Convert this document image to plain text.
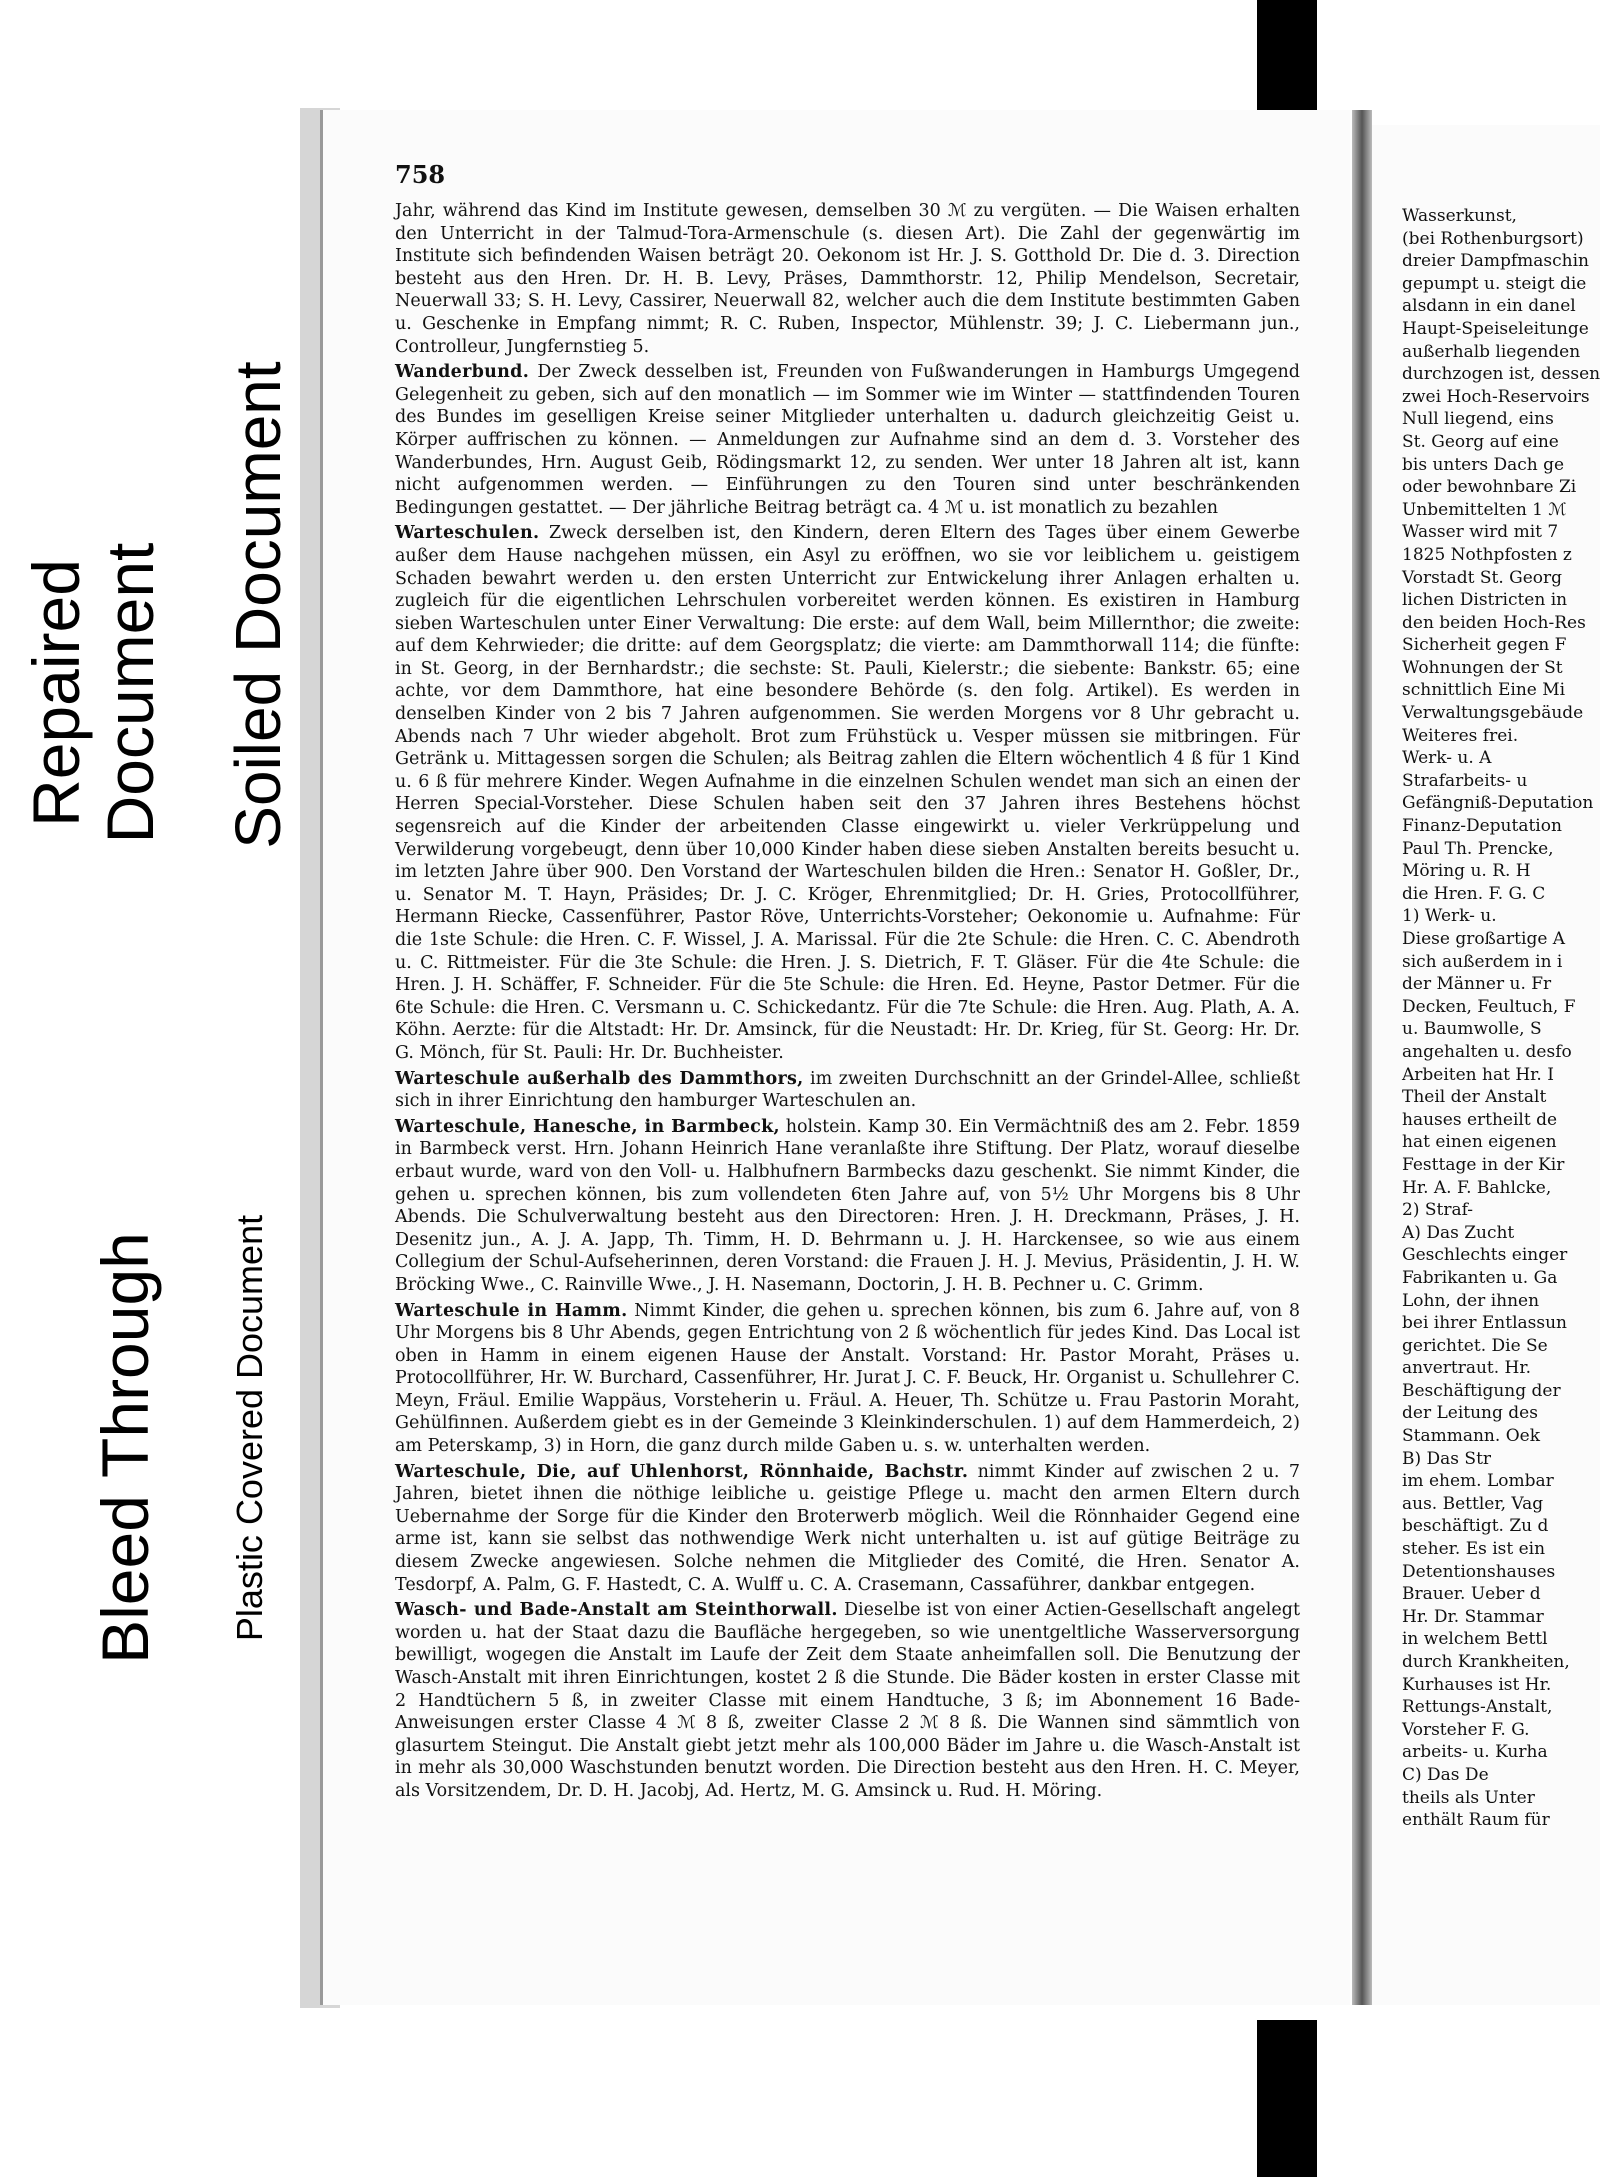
Repaired Document Soiled Document
Bleed Through Plastic Covered Document
Wasserkunst,
(bei Rothenburgsort)
dreier Dampfmaschin
gepumpt u. steigt die
alsdann in ein danel
Haupt-Speiseleitunge
außerhalb liegenden
durchzogen ist, dessen
zwei Hoch-Reservoirs
Null liegend, eins
St. Georg auf eine
bis unters Dach ge
oder bewohnbare Zi
Unbemittelten 1 ℳ
Wasser wird mit 7
1825 Nothpfosten z
Vorstadt St. Georg
lichen Districten in
den beiden Hoch-Res
Sicherheit gegen F
Wohnungen der St
schnittlich Eine Mi
Verwaltungsgebäude
Weiteres frei.
Werk- u. A
Strafarbeits- u
Gefängniß-Deputation
Finanz-Deputation
Paul Th. Prencke,
Möring u. R. H
die Hren. F. G. C
1) Werk- u.
Diese großartige A
sich außerdem in i
der Männer u. Fr
Decken, Feultuch, F
u. Baumwolle, S
angehalten u. desfo
Arbeiten hat Hr. I
Theil der Anstalt
hauses ertheilt de
hat einen eigenen
Festtage in der Kir
Hr. A. F. Bahlcke,
2) Straf-
A) Das Zucht
Geschlechts einger
Fabrikanten u. Ga
Lohn, der ihnen
bei ihrer Entlassun
gerichtet. Die Se
anvertraut. Hr.
Beschäftigung der
der Leitung des
Stammann. Oek
B) Das Str
im ehem. Lombar
aus. Bettler, Vag
beschäftigt. Zu d
steher. Es ist ein
Detentionshauses
Brauer. Ueber d
Hr. Dr. Stammar
in welchem Bettl
durch Krankheiten,
Kurhauses ist Hr.
Rettungs-Anstalt,
Vorsteher F. G.
arbeits- u. Kurha
C) Das De
theils als Unter
enthält Raum für
758

Jahr, während das Kind im Institute gewesen, demselben 30 ℳ zu vergüten. — Die Waisen erhalten den Unterricht in der Talmud-Tora-Armenschule (s. diesen Art). Die Zahl der gegenwärtig im Institute sich befindenden Waisen beträgt 20. Oekonom ist Hr. J. S. Gotthold Dr. Die d. 3. Direction besteht aus den Hren. Dr. H. B. Levy, Präses, Dammthorstr. 12, Philip Mendelson, Secretair, Neuerwall 33; S. H. Levy, Cassirer, Neuerwall 82, welcher auch die dem Institute bestimmten Gaben u. Geschenke in Empfang nimmt; R. C. Ruben, Inspector, Mühlenstr. 39; J. C. Liebermann jun., Controlleur, Jungfernstieg 5.

Wanderbund. Der Zweck desselben ist, Freunden von Fußwanderungen in Hamburgs Umgegend Gelegenheit zu geben, sich auf den monatlich — im Sommer wie im Winter — stattfindenden Touren des Bundes im geselligen Kreise seiner Mitglieder unterhalten u. dadurch gleichzeitig Geist u. Körper auffrischen zu können. — Anmeldungen zur Aufnahme sind an dem d. 3. Vorsteher des Wanderbundes, Hrn. August Geib, Rödingsmarkt 12, zu senden. Wer unter 18 Jahren alt ist, kann nicht aufgenommen werden. — Einführungen zu den Touren sind unter beschränkenden Bedingungen gestattet. — Der jährliche Beitrag beträgt ca. 4 ℳ u. ist monatlich zu bezahlen

Warteschulen. Zweck derselben ist, den Kindern, deren Eltern des Tages über einem Gewerbe außer dem Hause nachgehen müssen, ein Asyl zu eröffnen, wo sie vor leiblichem u. geistigem Schaden bewahrt werden u. den ersten Unterricht zur Entwickelung ihrer Anlagen erhalten u. zugleich für die eigentlichen Lehrschulen vorbereitet werden können. Es existiren in Hamburg sieben Warteschulen unter Einer Verwaltung: Die erste: auf dem Wall, beim Millernthor; die zweite: auf dem Kehrwieder; die dritte: auf dem Georgsplatz; die vierte: am Dammthorwall 114; die fünfte: in St. Georg, in der Bernhardstr.; die sechste: St. Pauli, Kielerstr.; die siebente: Bankstr. 65; eine achte, vor dem Dammthore, hat eine besondere Behörde (s. den folg. Artikel). Es werden in denselben Kinder von 2 bis 7 Jahren aufgenommen. Sie werden Morgens vor 8 Uhr gebracht u. Abends nach 7 Uhr wieder abgeholt. Brot zum Frühstück u. Vesper müssen sie mitbringen. Für Getränk u. Mittagessen sorgen die Schulen; als Beitrag zahlen die Eltern wöchentlich 4 ß für 1 Kind u. 6 ß für mehrere Kinder. Wegen Aufnahme in die einzelnen Schulen wendet man sich an einen der Herren Special-Vorsteher. Diese Schulen haben seit den 37 Jahren ihres Bestehens höchst segensreich auf die Kinder der arbeitenden Classe eingewirkt u. vieler Verkrüppelung und Verwilderung vorgebeugt, denn über 10,000 Kinder haben diese sieben Anstalten bereits besucht u. im letzten Jahre über 900. Den Vorstand der Warteschulen bilden die Hren.: Senator H. Goßler, Dr., u. Senator M. T. Hayn, Präsides; Dr. J. C. Kröger, Ehrenmitglied; Dr. H. Gries, Protocollführer, Hermann Riecke, Cassenführer, Pastor Röve, Unterrichts-Vorsteher; Oekonomie u. Aufnahme: Für die 1ste Schule: die Hren. C. F. Wissel, J. A. Marissal. Für die 2te Schule: die Hren. C. C. Abendroth u. C. Rittmeister. Für die 3te Schule: die Hren. J. S. Dietrich, F. T. Gläser. Für die 4te Schule: die Hren. J. H. Schäffer, F. Schneider. Für die 5te Schule: die Hren. Ed. Heyne, Pastor Detmer. Für die 6te Schule: die Hren. C. Versmann u. C. Schickedantz. Für die 7te Schule: die Hren. Aug. Plath, A. A. Köhn. Aerzte: für die Altstadt: Hr. Dr. Amsinck, für die Neustadt: Hr. Dr. Krieg, für St. Georg: Hr. Dr. G. Mönch, für St. Pauli: Hr. Dr. Buchheister.

Warteschule außerhalb des Dammthors, im zweiten Durchschnitt an der Grindel-Allee, schließt sich in ihrer Einrichtung den hamburger Warteschulen an.

Warteschule, Hanesche, in Barmbeck, holstein. Kamp 30. Ein Vermächtniß des am 2. Febr. 1859 in Barmbeck verst. Hrn. Johann Heinrich Hane veranlaßte ihre Stiftung. Der Platz, worauf dieselbe erbaut wurde, ward von den Voll- u. Halbhufnern Barmbecks dazu geschenkt. Sie nimmt Kinder, die gehen u. sprechen können, bis zum vollendeten 6ten Jahre auf, von 5½ Uhr Morgens bis 8 Uhr Abends. Die Schulverwaltung besteht aus den Directoren: Hren. J. H. Dreckmann, Präses, J. H. Desenitz jun., A. J. A. Japp, Th. Timm, H. D. Behrmann u. J. H. Harckensee, so wie aus einem Collegium der Schul-Aufseherinnen, deren Vorstand: die Frauen J. H. J. Mevius, Präsidentin, J. H. W. Bröcking Wwe., C. Rainville Wwe., J. H. Nasemann, Doctorin, J. H. B. Pechner u. C. Grimm.

Warteschule in Hamm. Nimmt Kinder, die gehen u. sprechen können, bis zum 6. Jahre auf, von 8 Uhr Morgens bis 8 Uhr Abends, gegen Entrichtung von 2 ß wöchentlich für jedes Kind. Das Local ist oben in Hamm in einem eigenen Hause der Anstalt. Vorstand: Hr. Pastor Moraht, Präses u. Protocollführer, Hr. W. Burchard, Cassenführer, Hr. Jurat J. C. F. Beuck, Hr. Organist u. Schullehrer C. Meyn, Fräul. Emilie Wappäus, Vorsteherin u. Fräul. A. Heuer, Th. Schütze u. Frau Pastorin Moraht, Gehülfinnen. Außerdem giebt es in der Gemeinde 3 Kleinkinderschulen. 1) auf dem Hammerdeich, 2) am Peterskamp, 3) in Horn, die ganz durch milde Gaben u. s. w. unterhalten werden.

Warteschule, Die, auf Uhlenhorst, Rönnhaide, Bachstr. nimmt Kinder auf zwischen 2 u. 7 Jahren, bietet ihnen die nöthige leibliche u. geistige Pflege u. macht den armen Eltern durch Uebernahme der Sorge für die Kinder den Broterwerb möglich. Weil die Rönnhaider Gegend eine arme ist, kann sie selbst das nothwendige Werk nicht unterhalten u. ist auf gütige Beiträge zu diesem Zwecke angewiesen. Solche nehmen die Mitglieder des Comité, die Hren. Senator A. Tesdorpf, A. Palm, G. F. Hastedt, C. A. Wulff u. C. A. Crasemann, Cassaführer, dankbar entgegen.

Wasch- und Bade-Anstalt am Steinthorwall. Dieselbe ist von einer Actien-Gesellschaft angelegt worden u. hat der Staat dazu die Baufläche hergegeben, so wie unentgeltliche Wasserversorgung bewilligt, wogegen die Anstalt im Laufe der Zeit dem Staate anheimfallen soll. Die Benutzung der Wasch-Anstalt mit ihren Einrichtungen, kostet 2 ß die Stunde. Die Bäder kosten in erster Classe mit 2 Handtüchern 5 ß, in zweiter Classe mit einem Handtuche, 3 ß; im Abonnement 16 Bade-Anweisungen erster Classe 4 ℳ 8 ß, zweiter Classe 2 ℳ 8 ß. Die Wannen sind sämmtlich von glasurtem Steingut. Die Anstalt giebt jetzt mehr als 100,000 Bäder im Jahre u. die Wasch-Anstalt ist in mehr als 30,000 Waschstunden benutzt worden. Die Direction besteht aus den Hren. H. C. Meyer, als Vorsitzendem, Dr. D. H. Jacobj, Ad. Hertz, M. G. Amsinck u. Rud. H. Möring.
